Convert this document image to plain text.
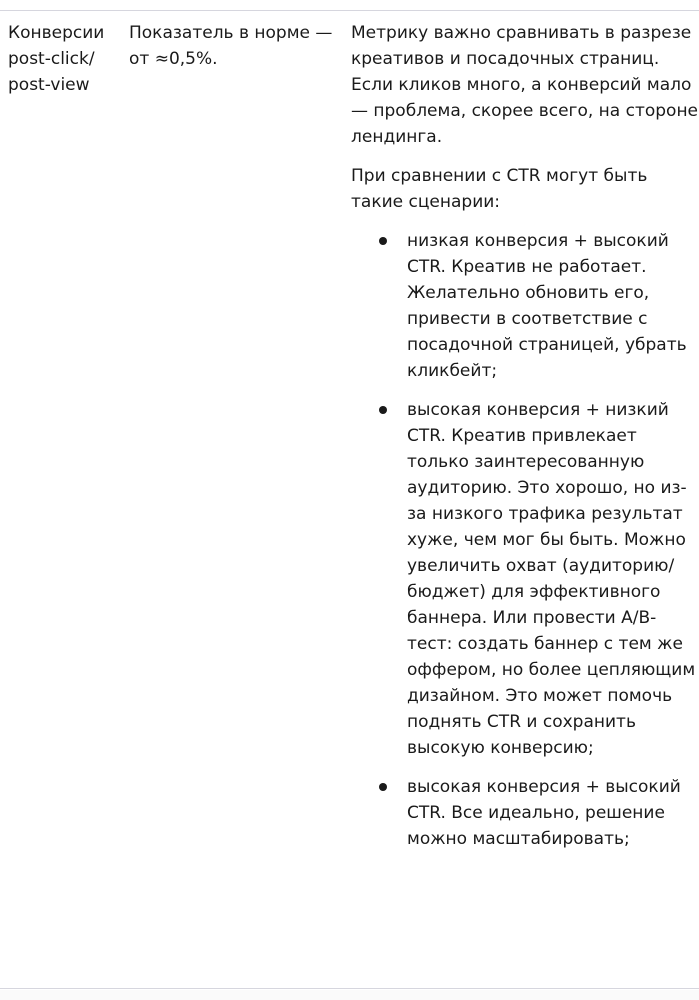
Конверсии post-click/ post-view
Показатель в норме — от ≈0,5%.

Метрику важно сравнивать в разрезе креативов и посадочных страниц. Если кликов много, а конверсий мало — проблема, скорее всего, на стороне лендинга.

При сравнении с CTR могут быть такие сценарии:

низкая конверсия + высокий CTR. Креатив не работает. Желательно обновить его, привести в соответствие с посадочной страницей, убрать кликбейт;
высокая конверсия + низкий CTR. Креатив привлекает только заинтересованную аудиторию. Это хорошо, но из-за низкого трафика результат хуже, чем мог бы быть. Можно увеличить охват (аудиторию/бюджет) для эффективного баннера. Или провести A/B-тест: создать баннер с тем же оффером, но более цепляющим дизайном. Это может помочь поднять CTR и сохранить высокую конверсию;
высокая конверсия + высокий CTR. Все идеально, решение можно масштабировать;
